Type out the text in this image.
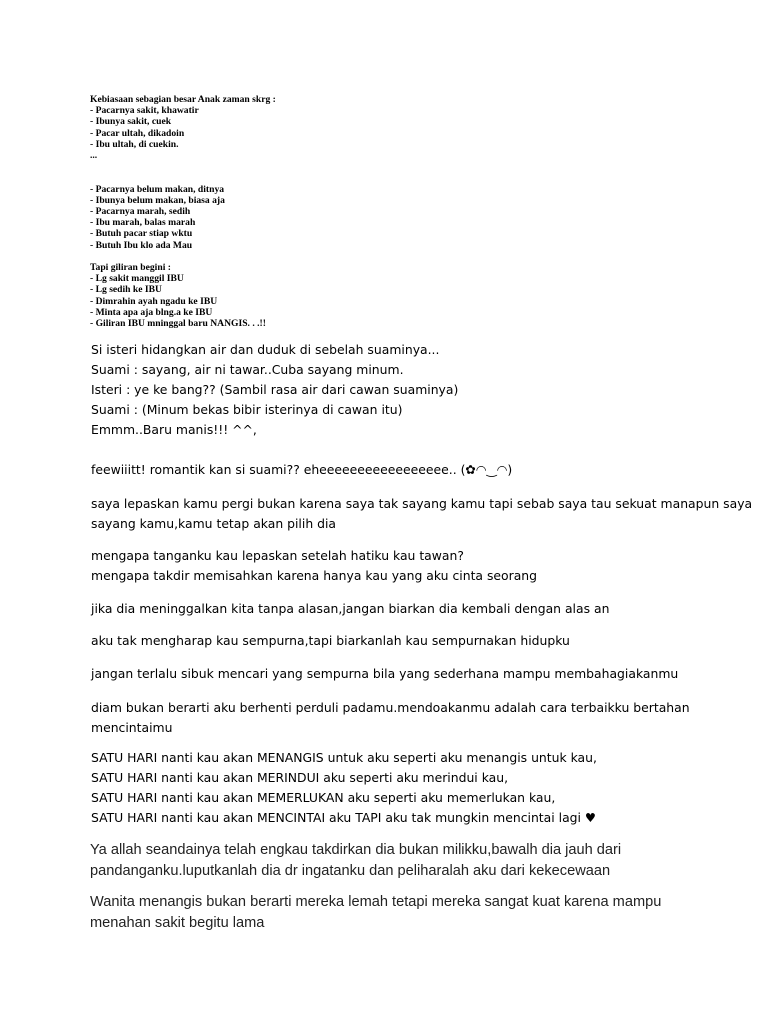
Kebiasaan sebagian besar Anak zaman skrg :
- Pacarnya sakit, khawatir
- Ibunya sakit, cuek
- Pacar ultah, dikadoin
- Ibu ultah, di cuekin.
...
- Pacarnya belum makan, ditnya
- Ibunya belum makan, biasa aja
- Pacarnya marah, sedih
- Ibu marah, balas marah
- Butuh pacar stiap wktu
- Butuh Ibu klo ada Mau
Tapi giliran begini :
- Lg sakit manggil IBU
- Lg sedih ke IBU
- Dimrahin ayah ngadu ke IBU
- Minta apa aja blng.a ke IBU
- Giliran IBU mninggal baru NANGIS. . .!!
Si isteri hidangkan air dan duduk di sebelah suaminya...
Suami : sayang, air ni tawar..Cuba sayang minum.
Isteri : ye ke bang?? (Sambil rasa air dari cawan suaminya)
Suami : (Minum bekas bibir isterinya di cawan itu)
Emmm..Baru manis!!! ^^,
feewiiitt! romantik kan si suami?? eheeeeeeeeeeeeeeeee.. (✿◠‿◠)
saya lepaskan kamu pergi bukan karena saya tak sayang kamu tapi sebab saya tau sekuat manapun saya
sayang kamu,kamu tetap akan pilih dia
mengapa tanganku kau lepaskan setelah hatiku kau tawan?
mengapa takdir memisahkan karena hanya kau yang aku cinta seorang
jika dia meninggalkan kita tanpa alasan,jangan biarkan dia kembali dengan alas an
aku tak mengharap kau sempurna,tapi biarkanlah kau sempurnakan hidupku
jangan terlalu sibuk mencari yang sempurna bila yang sederhana mampu membahagiakanmu
diam bukan berarti aku berhenti perduli padamu.mendoakanmu adalah cara terbaikku bertahan
mencintaimu
SATU HARI nanti kau akan MENANGIS untuk aku seperti aku menangis untuk kau,
SATU HARI nanti kau akan MERINDUI aku seperti aku merindui kau,
SATU HARI nanti kau akan MEMERLUKAN aku seperti aku memerlukan kau,
SATU HARI nanti kau akan MENCINTAI aku TAPI aku tak mungkin mencintai lagi ♥
Ya allah seandainya telah engkau takdirkan dia bukan milikku,bawalh dia jauh dari
pandanganku.luputkanlah dia dr ingatanku dan peliharalah aku dari kekecewaan
Wanita menangis bukan berarti mereka lemah tetapi mereka sangat kuat karena mampu
menahan sakit begitu lama
